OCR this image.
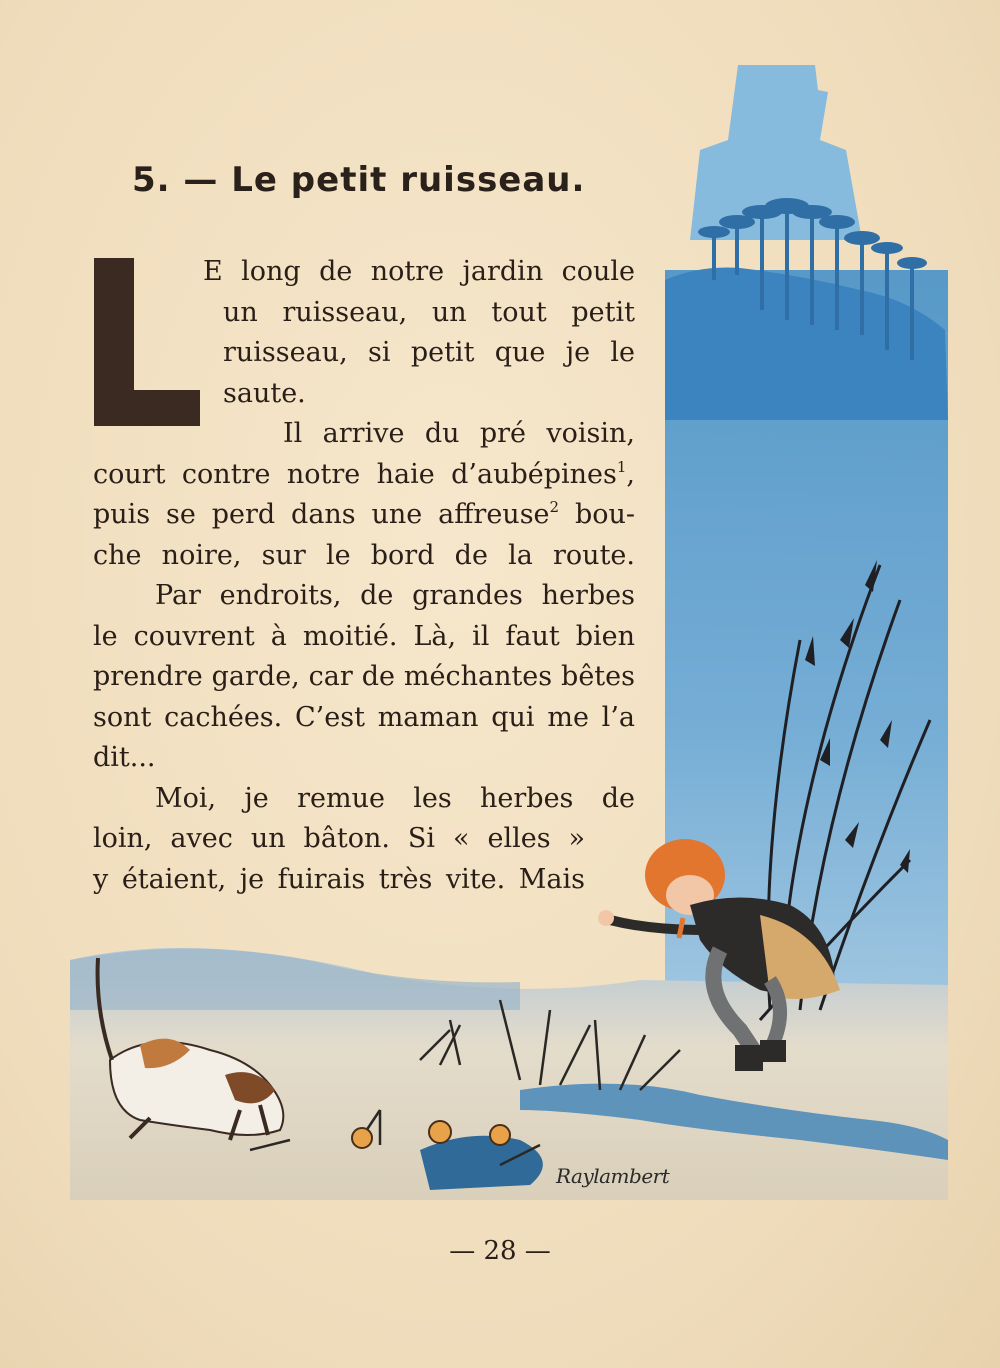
Raylambert
5. — Le petit ruisseau.
E long de notre jardin coule
un ruisseau, un tout petit
ruisseau, si petit que je le
saute.
Il arrive du pré voisin,
court contre notre haie d’aubépines$^1$,
puis se perd dans une affreuse$^2$ bou-
che noire, sur le bord de la route.
Par endroits, de grandes herbes
le couvrent à moitié. Là, il faut bien
prendre garde, car de méchantes bêtes
sont cachées. C’est maman qui me l’a
dit...
Moi, je remue les herbes de
loin, avec un bâton. Si « elles »
y étaient, je fuirais très vite. Mais
— 28 —
